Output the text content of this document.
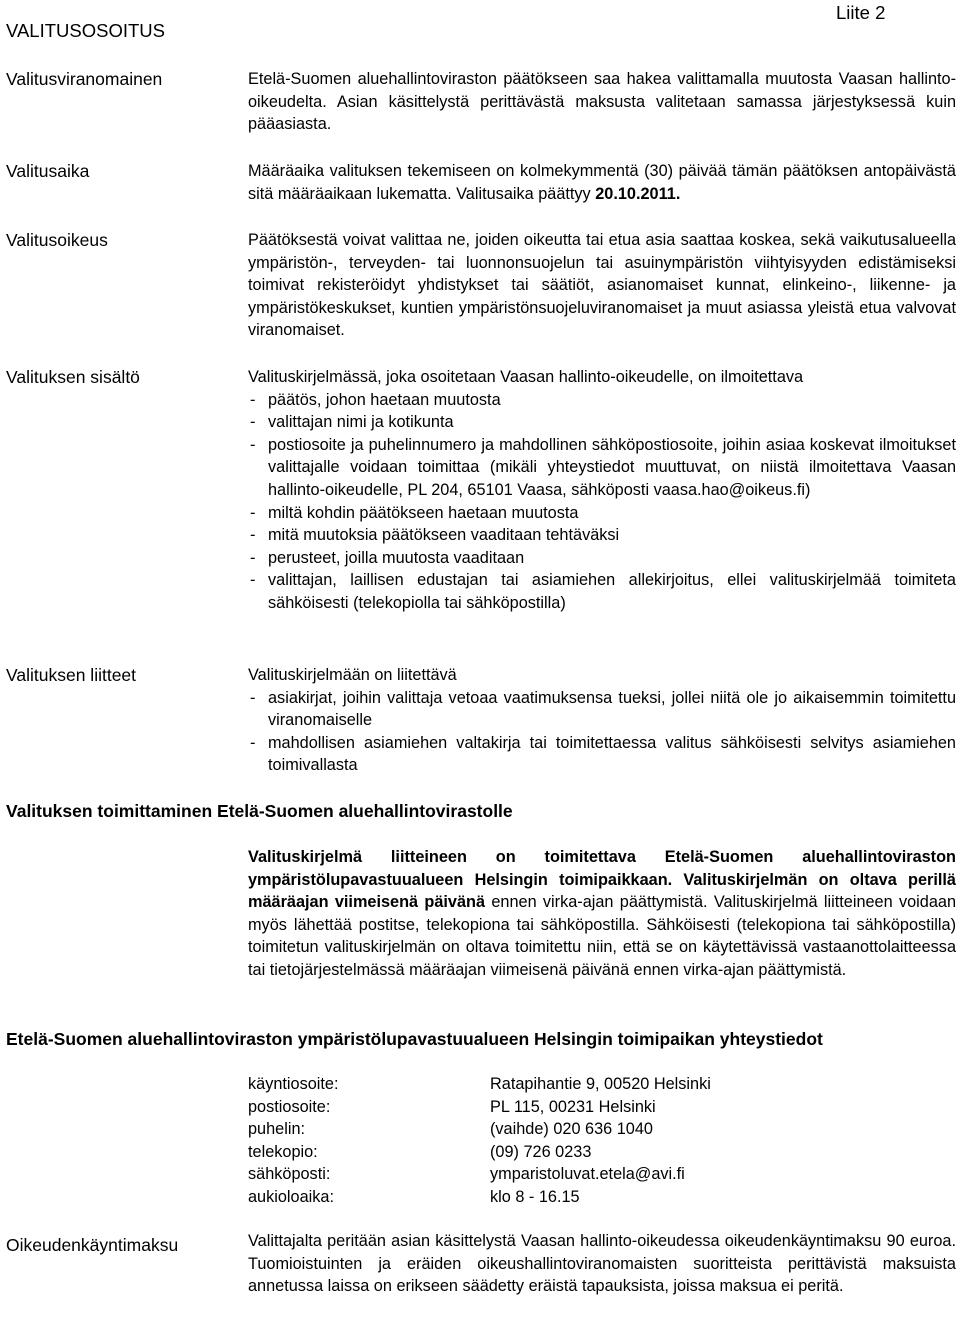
VALITUSOSOITUS
Liite 2
Valitusviranomainen	Etelä-Suomen aluehallintoviraston päätökseen saa hakea valittamalla muutosta Vaasan hallinto-oikeudelta. Asian käsittelystä perittävästä maksusta valitetaan samassa järjestyksessä kuin pääasiasta.
Valitusaika	Määräaika valituksen tekemiseen on kolmekymmentä (30) päivää tämän päätöksen antopäivästä sitä määräaikaan lukematta. Valitusaika päättyy 20.10.2011.
Valitusoikeus	Päätöksestä voivat valittaa ne, joiden oikeutta tai etua asia saattaa koskea, sekä vaikutusalueella ympäristön-, terveyden- tai luonnonsuojelun tai asuinympäristön viihtyisyyden edistämiseksi toimivat rekisteröidyt yhdistykset tai säätiöt, asianomaiset kunnat, elinkeino-, liikenne- ja ympäristökeskukset, kuntien ympäristönsuojeluviranomaiset ja muut asiassa yleistä etua valvovat viranomaiset.
Valituksen sisältö	Valituskirjelmässä, joka osoitetaan Vaasan hallinto-oikeudelle, on ilmoitettava
- päätös, johon haetaan muutosta
- valittajan nimi ja kotikunta
- postiosoite ja puhelinnumero ja mahdollinen sähköpostiosoite, joihin asiaa koskevat ilmoitukset valittajalle voidaan toimittaa (mikäli yhteystiedot muuttuvat, on niistä ilmoitettava Vaasan hallinto-oikeudelle, PL 204, 65101 Vaasa, sähköposti vaasa.hao@oikeus.fi)
- miltä kohdin päätökseen haetaan muutosta
- mitä muutoksia päätökseen vaaditaan tehtäväksi
- perusteet, joilla muutosta vaaditaan
- valittajan, laillisen edustajan tai asiamiehen allekirjoitus, ellei valituskirjelmää toimiteta sähköisesti (telekopiolla tai sähköpostilla)
Valituksen liitteet	Valituskirjelmään on liitettävä
- asiakirjat, joihin valittaja vetoaa vaatimuksensa tueksi, jollei niitä ole jo aikaisemmin toimitettu viranomaiselle
- mahdollisen asiamiehen valtakirja tai toimitettaessa valitus sähköisesti selvitys asiamiehen toimivallasta
Valituksen toimittaminen Etelä-Suomen aluehallintovirastolle
Valituskirjelmä liitteineen on toimitettava Etelä-Suomen aluehallintoviraston ympäristölupavastuualueen Helsingin toimipaikkaan. Valituskirjelmän on oltava perillä määräajan viimeisenä päivänä ennen virka-ajan päättymistä. Valituskirjelmä liitteineen voidaan myös lähettää postitse, telekopiona tai sähköpostilla. Sähköisesti (telekopiona tai sähköpostilla) toimitetun valituskirjelmän on oltava toimitettu niin, että se on käytettävissä vastaanottolaitteessa tai tietojärjestelmässä määräajan viimeisenä päivänä ennen virka-ajan päättymistä.
Etelä-Suomen aluehallintoviraston ympäristölupavastuualueen Helsingin toimipaikan yhteystiedot
käyntiosoite:	Ratapihantie 9, 00520 Helsinki
postiosoite:	PL 115, 00231 Helsinki
puhelin:	(vaihde) 020 636 1040
telekopio:	(09) 726 0233
sähköposti:	ymparistoluvat.etela@avi.fi
aukioloaika:	klo 8 - 16.15
Oikeudenkäyntimaksu	Valittajalta peritään asian käsittelystä Vaasan hallinto-oikeudessa oikeudenkäyntimaksu 90 euroa. Tuomioistuinten ja eräiden oikeushallintoviranomaisten suoritteista perittävistä maksuista annetussa laissa on erikseen säädetty eräistä tapauksista, joissa maksua ei peritä.
